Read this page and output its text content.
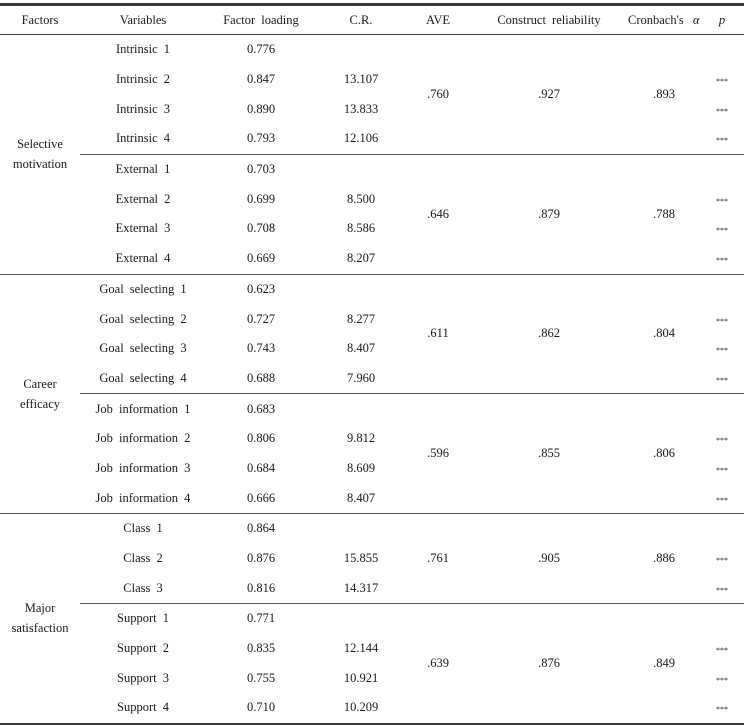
Factors	Variables	Factor loading	C.R.	AVE	Construct reliability	Cronbach's α	p
Selective
motivation	Intrinsic 1	0.776		.760	.927	.893	
	Intrinsic 2	0.847	13.107				***
	Intrinsic 3	0.890	13.833				***
	Intrinsic 4	0.793	12.106				***
	External 1	0.703		.646	.879	.788	
	External 2	0.699	8.500				***
	External 3	0.708	8.586				***
	External 4	0.669	8.207				***
Career
efficacy	Goal selecting 1	0.623		.611	.862	.804	
	Goal selecting 2	0.727	8.277				***
	Goal selecting 3	0.743	8.407				***
	Goal selecting 4	0.688	7.960				***
	Job information 1	0.683		.596	.855	.806	
	Job information 2	0.806	9.812				***
	Job information 3	0.684	8.609				***
	Job information 4	0.666	8.407				***
Major
satisfaction	Class 1	0.864		.761	.905	.886	
	Class 2	0.876	15.855				***
	Class 3	0.816	14.317				***
	Support 1	0.771		.639	.876	.849	
	Support 2	0.835	12.144				***
	Support 3	0.755	10.921				***
	Support 4	0.710	10.209				***
